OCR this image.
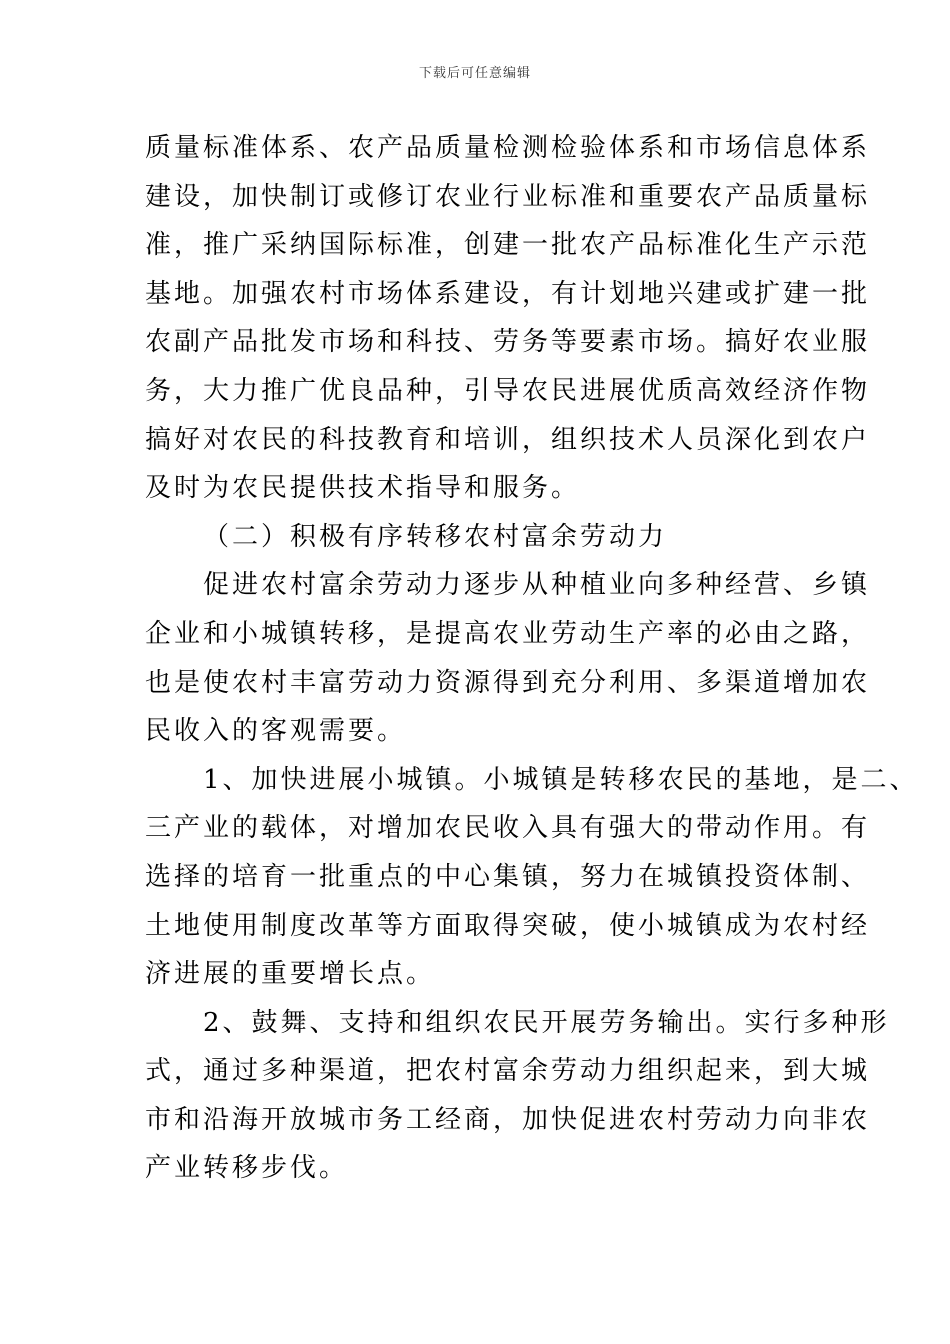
下载后可任意编辑
质量标准体系、农产品质量检测检验体系和市场信息体系
建设，加快制订或修订农业行业标准和重要农产品质量标
准，推广采纳国际标准，创建一批农产品标准化生产示范
基地。加强农村市场体系建设，有计划地兴建或扩建一批
农副产品批发市场和科技、劳务等要素市场。搞好农业服
务，大力推广优良品种，引导农民进展优质高效经济作物
搞好对农民的科技教育和培训，组织技术人员深化到农户
及时为农民提供技术指导和服务。
（二）积极有序转移农村富余劳动力
促进农村富余劳动力逐步从种植业向多种经营、乡镇
企业和小城镇转移，是提高农业劳动生产率的必由之路，
也是使农村丰富劳动力资源得到充分利用、多渠道增加农
民收入的客观需要。
1、加快进展小城镇。小城镇是转移农民的基地，是二、
三产业的载体，对增加农民收入具有强大的带动作用。有
选择的培育一批重点的中心集镇，努力在城镇投资体制、
土地使用制度改革等方面取得突破，使小城镇成为农村经
济进展的重要增长点。
2、鼓舞、支持和组织农民开展劳务输出。实行多种形
式，通过多种渠道，把农村富余劳动力组织起来，到大城
市和沿海开放城市务工经商，加快促进农村劳动力向非农
产业转移步伐。
